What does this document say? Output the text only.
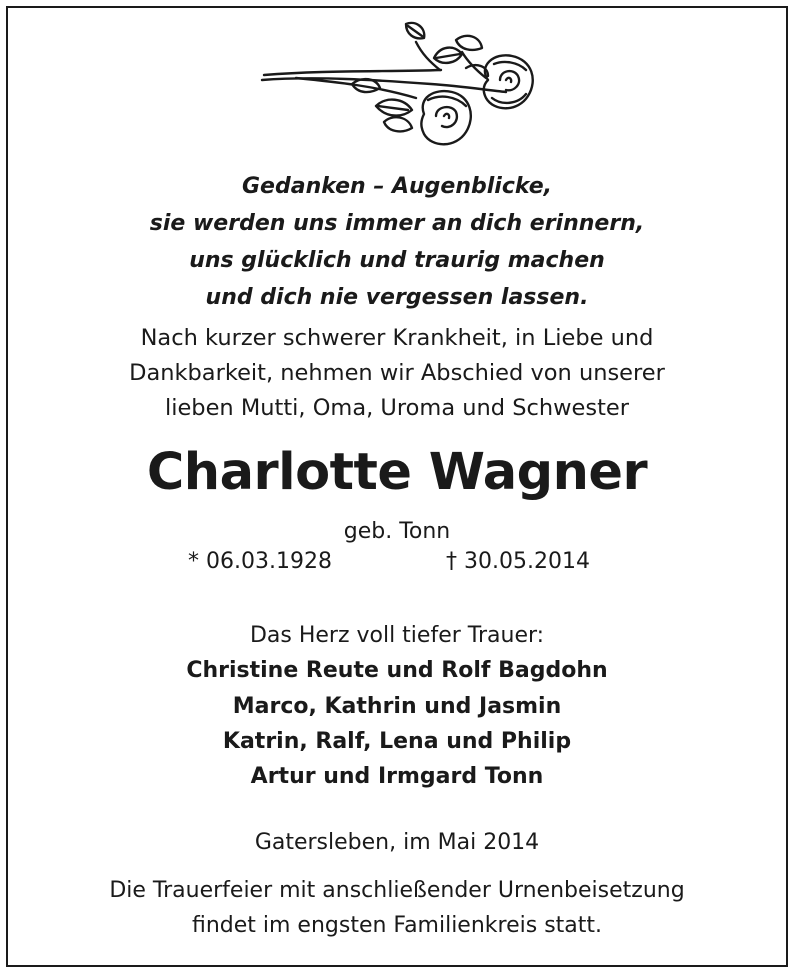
Gedanken – Augenblicke,
sie werden uns immer an dich erinnern,
uns glücklich und traurig machen
und dich nie vergessen lassen.
Nach kurzer schwerer Krankheit, in Liebe und
Dankbarkeit, nehmen wir Abschied von unserer
lieben Mutti, Oma, Uroma und Schwester
Charlotte Wagner
geb. Tonn
* 06.03.1928	† 30.05.2014
Das Herz voll tiefer Trauer:
Christine Reute und Rolf Bagdohn
Marco, Kathrin und Jasmin
Katrin, Ralf, Lena und Philip
Artur und Irmgard Tonn
Gatersleben, im Mai 2014
Die Trauerfeier mit anschließender Urnenbeisetzung
findet im engsten Familienkreis statt.
